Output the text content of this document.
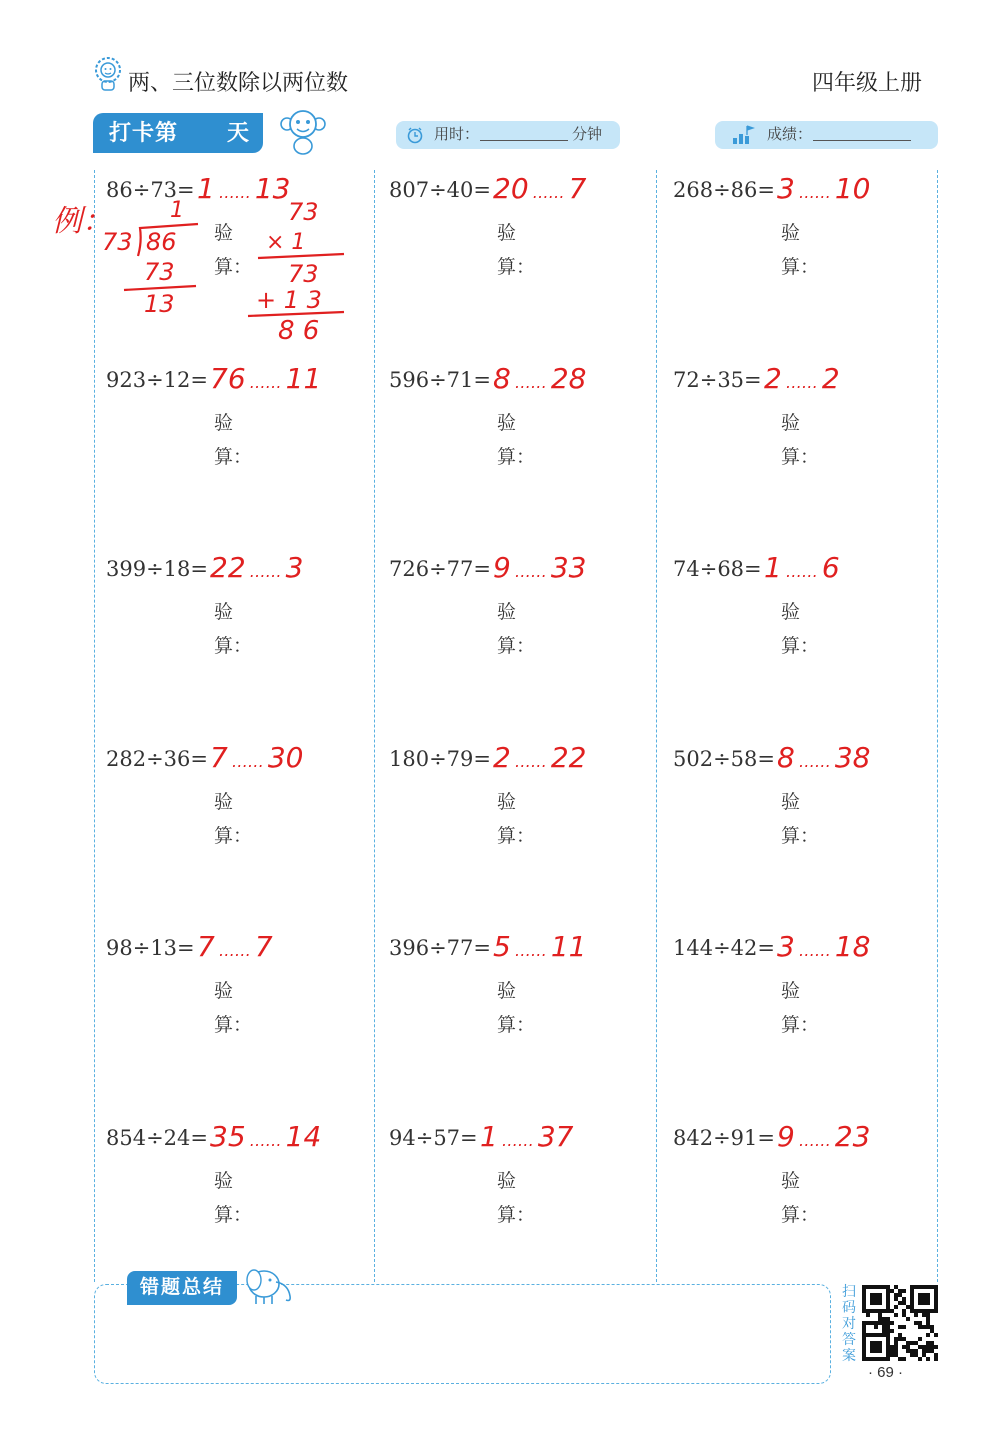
两、三位数除以两位数	四年级上册
打卡第 天	用时：	分钟	成绩：
例：	1
73 86
73
13
73
× 1
73
+ 1 3
8 6
86÷73= 1 …… 13
验
算：
807÷40= 20 …… 7
验
算：
268÷86= 3 …… 10
验
算：
923÷12= 76 …… 11
验
算：
596÷71= 8 …… 28
验
算：
72÷35= 2 …… 2
验
算：
399÷18= 22 …… 3
验
算：
726÷77= 9 …… 33
验
算：
74÷68= 1 …… 6
验
算：
282÷36= 7 …… 30
验
算：
180÷79= 2 …… 22
验
算：
502÷58= 8 …… 38
验
算：
98÷13= 7 …… 7
验
算：
396÷77= 5 …… 11
验
算：
144÷42= 3 …… 18
验
算：
854÷24= 35 …… 14
验
算：
94÷57= 1 …… 37
验
算：
842÷91= 9 …… 23
验
算：
错题总结	扫码对答案
· 69 ·
